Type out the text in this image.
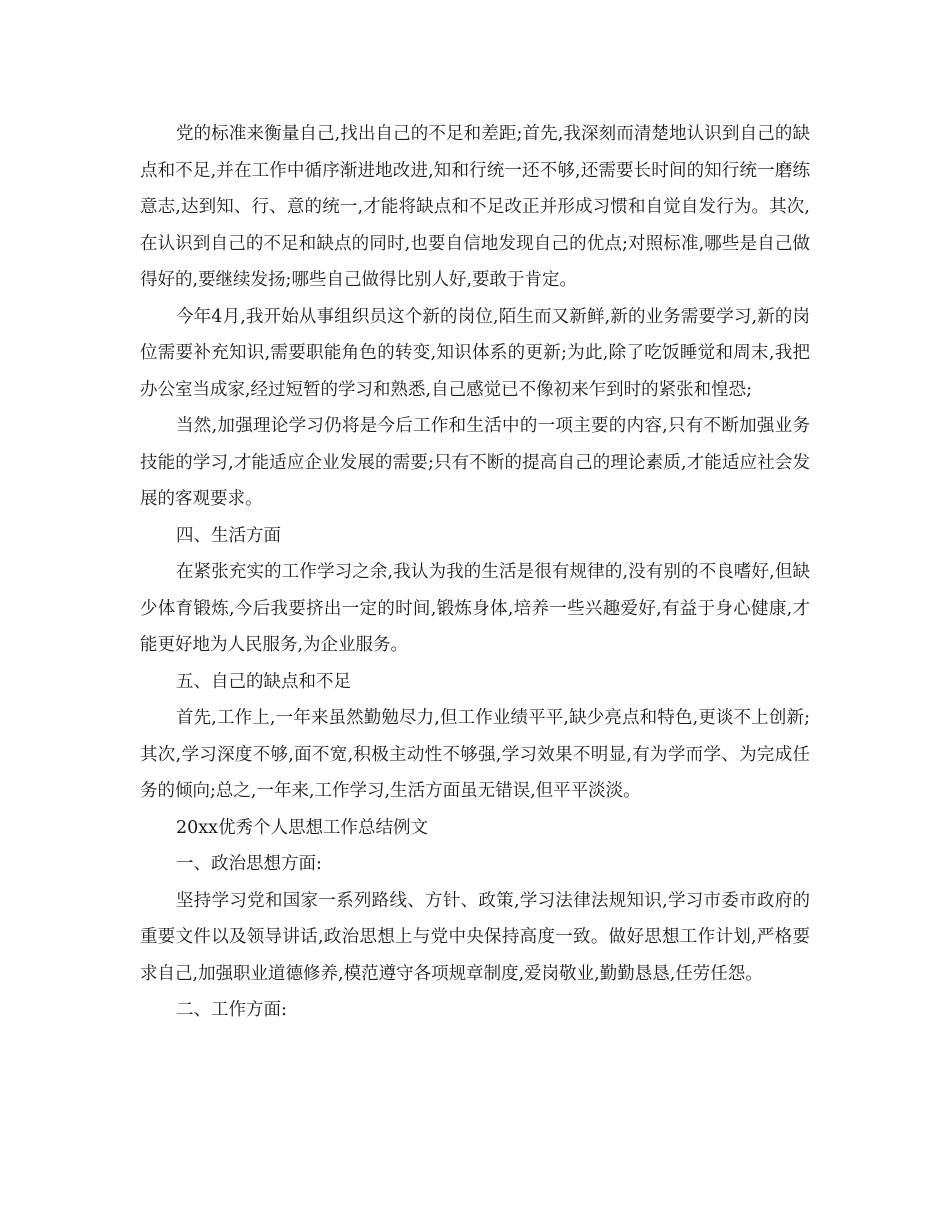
党的标准来衡量自己,找出自己的不足和差距;首先,我深刻而清楚地认识到自己的缺点和不足,并在工作中循序渐进地改进,知和行统一还不够,还需要长时间的知行统一磨练意志,达到知、行、意的统一,才能将缺点和不足改正并形成习惯和自觉自发行为。其次,在认识到自己的不足和缺点的同时,也要自信地发现自己的优点;对照标准,哪些是自己做得好的,要继续发扬;哪些自己做得比别人好,要敢于肯定。

今年4月,我开始从事组织员这个新的岗位,陌生而又新鲜,新的业务需要学习,新的岗位需要补充知识,需要职能角色的转变,知识体系的更新;为此,除了吃饭睡觉和周末,我把办公室当成家,经过短暂的学习和熟悉,自己感觉已不像初来乍到时的紧张和惶恐;

当然,加强理论学习仍将是今后工作和生活中的一项主要的内容,只有不断加强业务技能的学习,才能适应企业发展的需要;只有不断的提高自己的理论素质,才能适应社会发展的客观要求。

四、生活方面

在紧张充实的工作学习之余,我认为我的生活是很有规律的,没有别的不良嗜好,但缺少体育锻炼,今后我要挤出一定的时间,锻炼身体,培养一些兴趣爱好,有益于身心健康,才能更好地为人民服务,为企业服务。

五、自己的缺点和不足

首先,工作上,一年来虽然勤勉尽力,但工作业绩平平,缺少亮点和特色,更谈不上创新;其次,学习深度不够,面不宽,积极主动性不够强,学习效果不明显,有为学而学、为完成任务的倾向;总之,一年来,工作学习,生活方面虽无错误,但平平淡淡。

20xx优秀个人思想工作总结例文

一、政治思想方面:

坚持学习党和国家一系列路线、方针、政策,学习法律法规知识,学习市委市政府的重要文件以及领导讲话,政治思想上与党中央保持高度一致。做好思想工作计划,严格要求自己,加强职业道德修养,模范遵守各项规章制度,爱岗敬业,勤勤恳恳,任劳任怨。

二、工作方面:
